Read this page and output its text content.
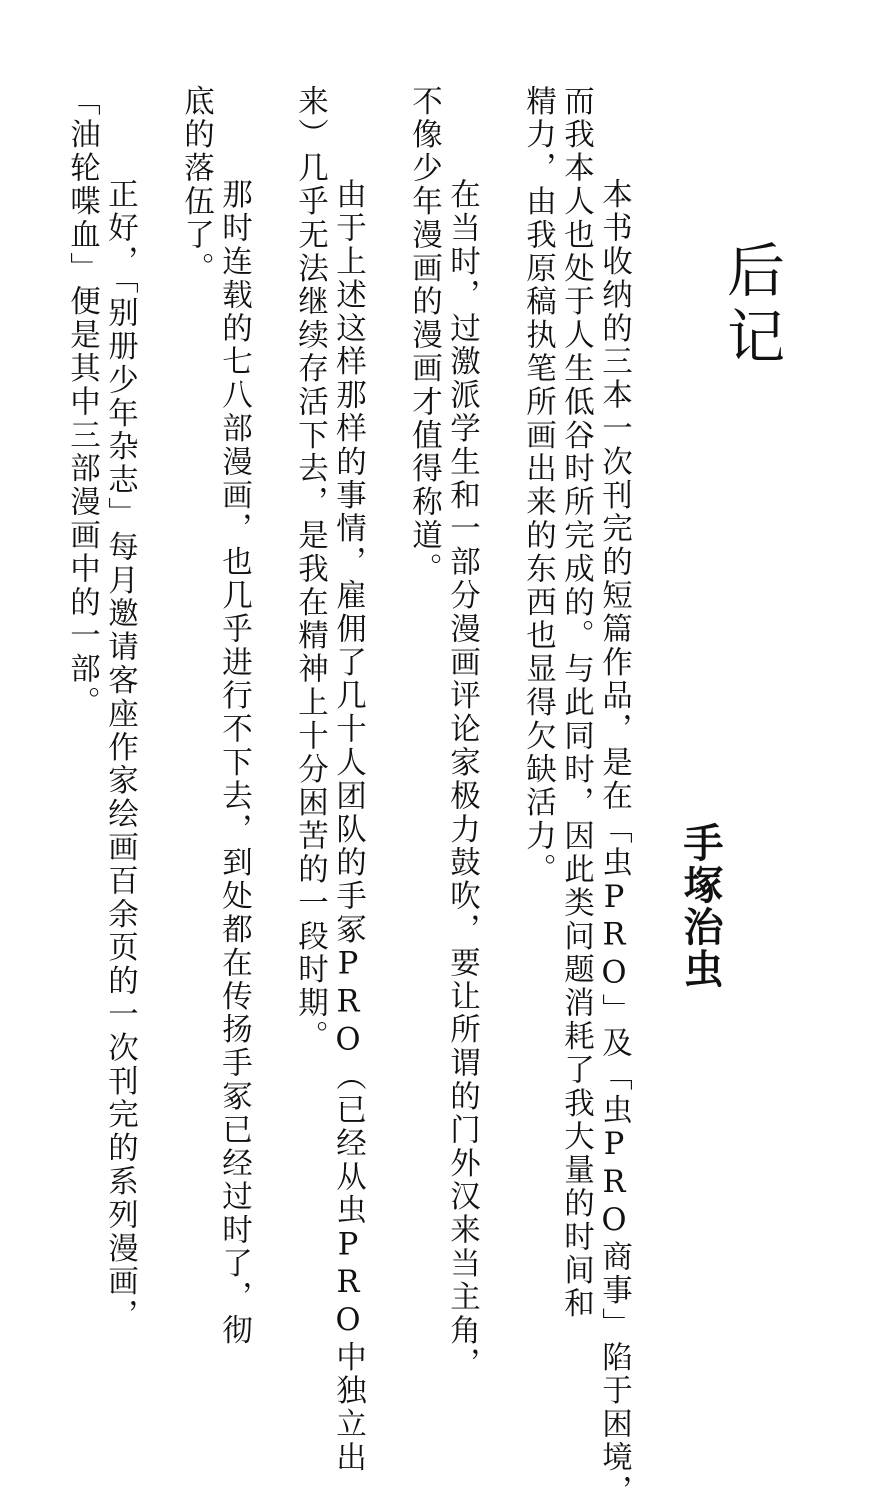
后记
　本书收纳的三本一次刊完的短篇作品，是在「虫PRO」及「虫PRO商事」陷于困境，
而我本人也处于人生低谷时所完成的。与此同时，因此类问题消耗了我大量的时间和
精力，由我原稿执笔所画出来的东西也显得欠缺活力。
　在当时，过激派学生和一部分漫画评论家极力鼓吹，要让所谓的门外汉来当主角，
不像少年漫画的漫画才值得称道。
　由于上述这样那样的事情，雇佣了几十人团队的手冢PRO（已经从虫PRO中独立出
来）几乎无法继续存活下去，是我在精神上十分困苦的一段时期。
　那时连载的七八部漫画，也几乎进行不下去，到处都在传扬手冢已经过时了，彻
底的落伍了。
　正好，「别册少年杂志」每月邀请客座作家绘画百余页的一次刊完的系列漫画，
「油轮喋血」便是其中三部漫画中的一部。
手塚治虫
